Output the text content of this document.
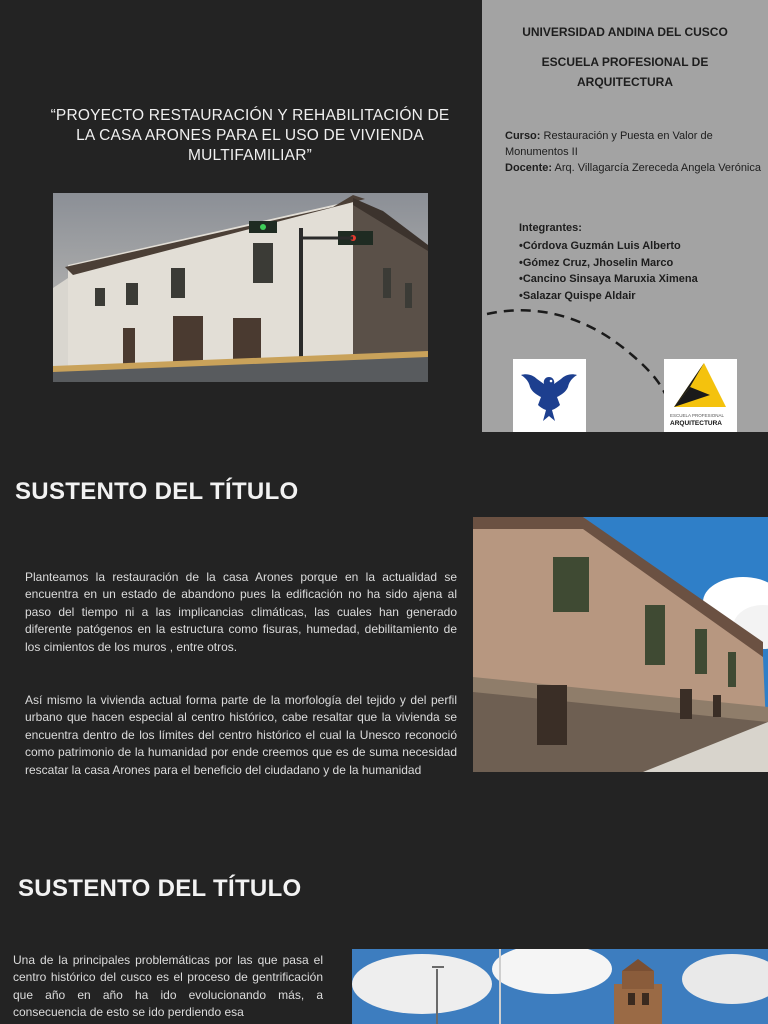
“PROYECTO RESTAURACIÓN Y REHABILITACIÓN DE LA CASA ARONES PARA EL USO DE VIVIENDA MULTIFAMILIAR”
UNIVERSIDAD ANDINA DEL CUSCO
ESCUELA PROFESIONAL DE ARQUITECTURA
Curso: Restauración y Puesta en Valor de Monumentos II
Docente: Arq. Villagarcía Zereceda Angela Verónica
Integrantes:
•Córdova Guzmán Luis Alberto
•Gómez Cruz, Jhoselin Marco
•Cancino Sinsaya Maruxia Ximena
•Salazar Quispe Aldair
ESCUELA PROFESIONAL
ARQUITECTURA
SUSTENTO DEL TÍTULO
Planteamos la restauración de la casa Arones porque en la actualidad se encuentra en un estado de abandono pues la edificación no ha sido ajena al paso del tiempo ni a las implicancias climáticas, las cuales han generado diferente patógenos en la estructura como fisuras, humedad, debilitamiento de los cimientos de los muros , entre otros.
Así mismo la vivienda actual forma parte de la morfología del tejido y del perfil urbano que hacen especial al centro histórico, cabe resaltar que la vivienda se encuentra dentro de los límites del centro histórico el cual la Unesco reconoció como patrimonio de la humanidad por ende creemos que es de suma necesidad rescatar la casa Arones para el beneficio del ciudadano y de la humanidad
SUSTENTO DEL TÍTULO
Una de la principales problemáticas por las que pasa el centro histórico del cusco es el proceso de gentrificación que año en año ha ido evolucionando más, a consecuencia de esto se ido perdiendo esa
